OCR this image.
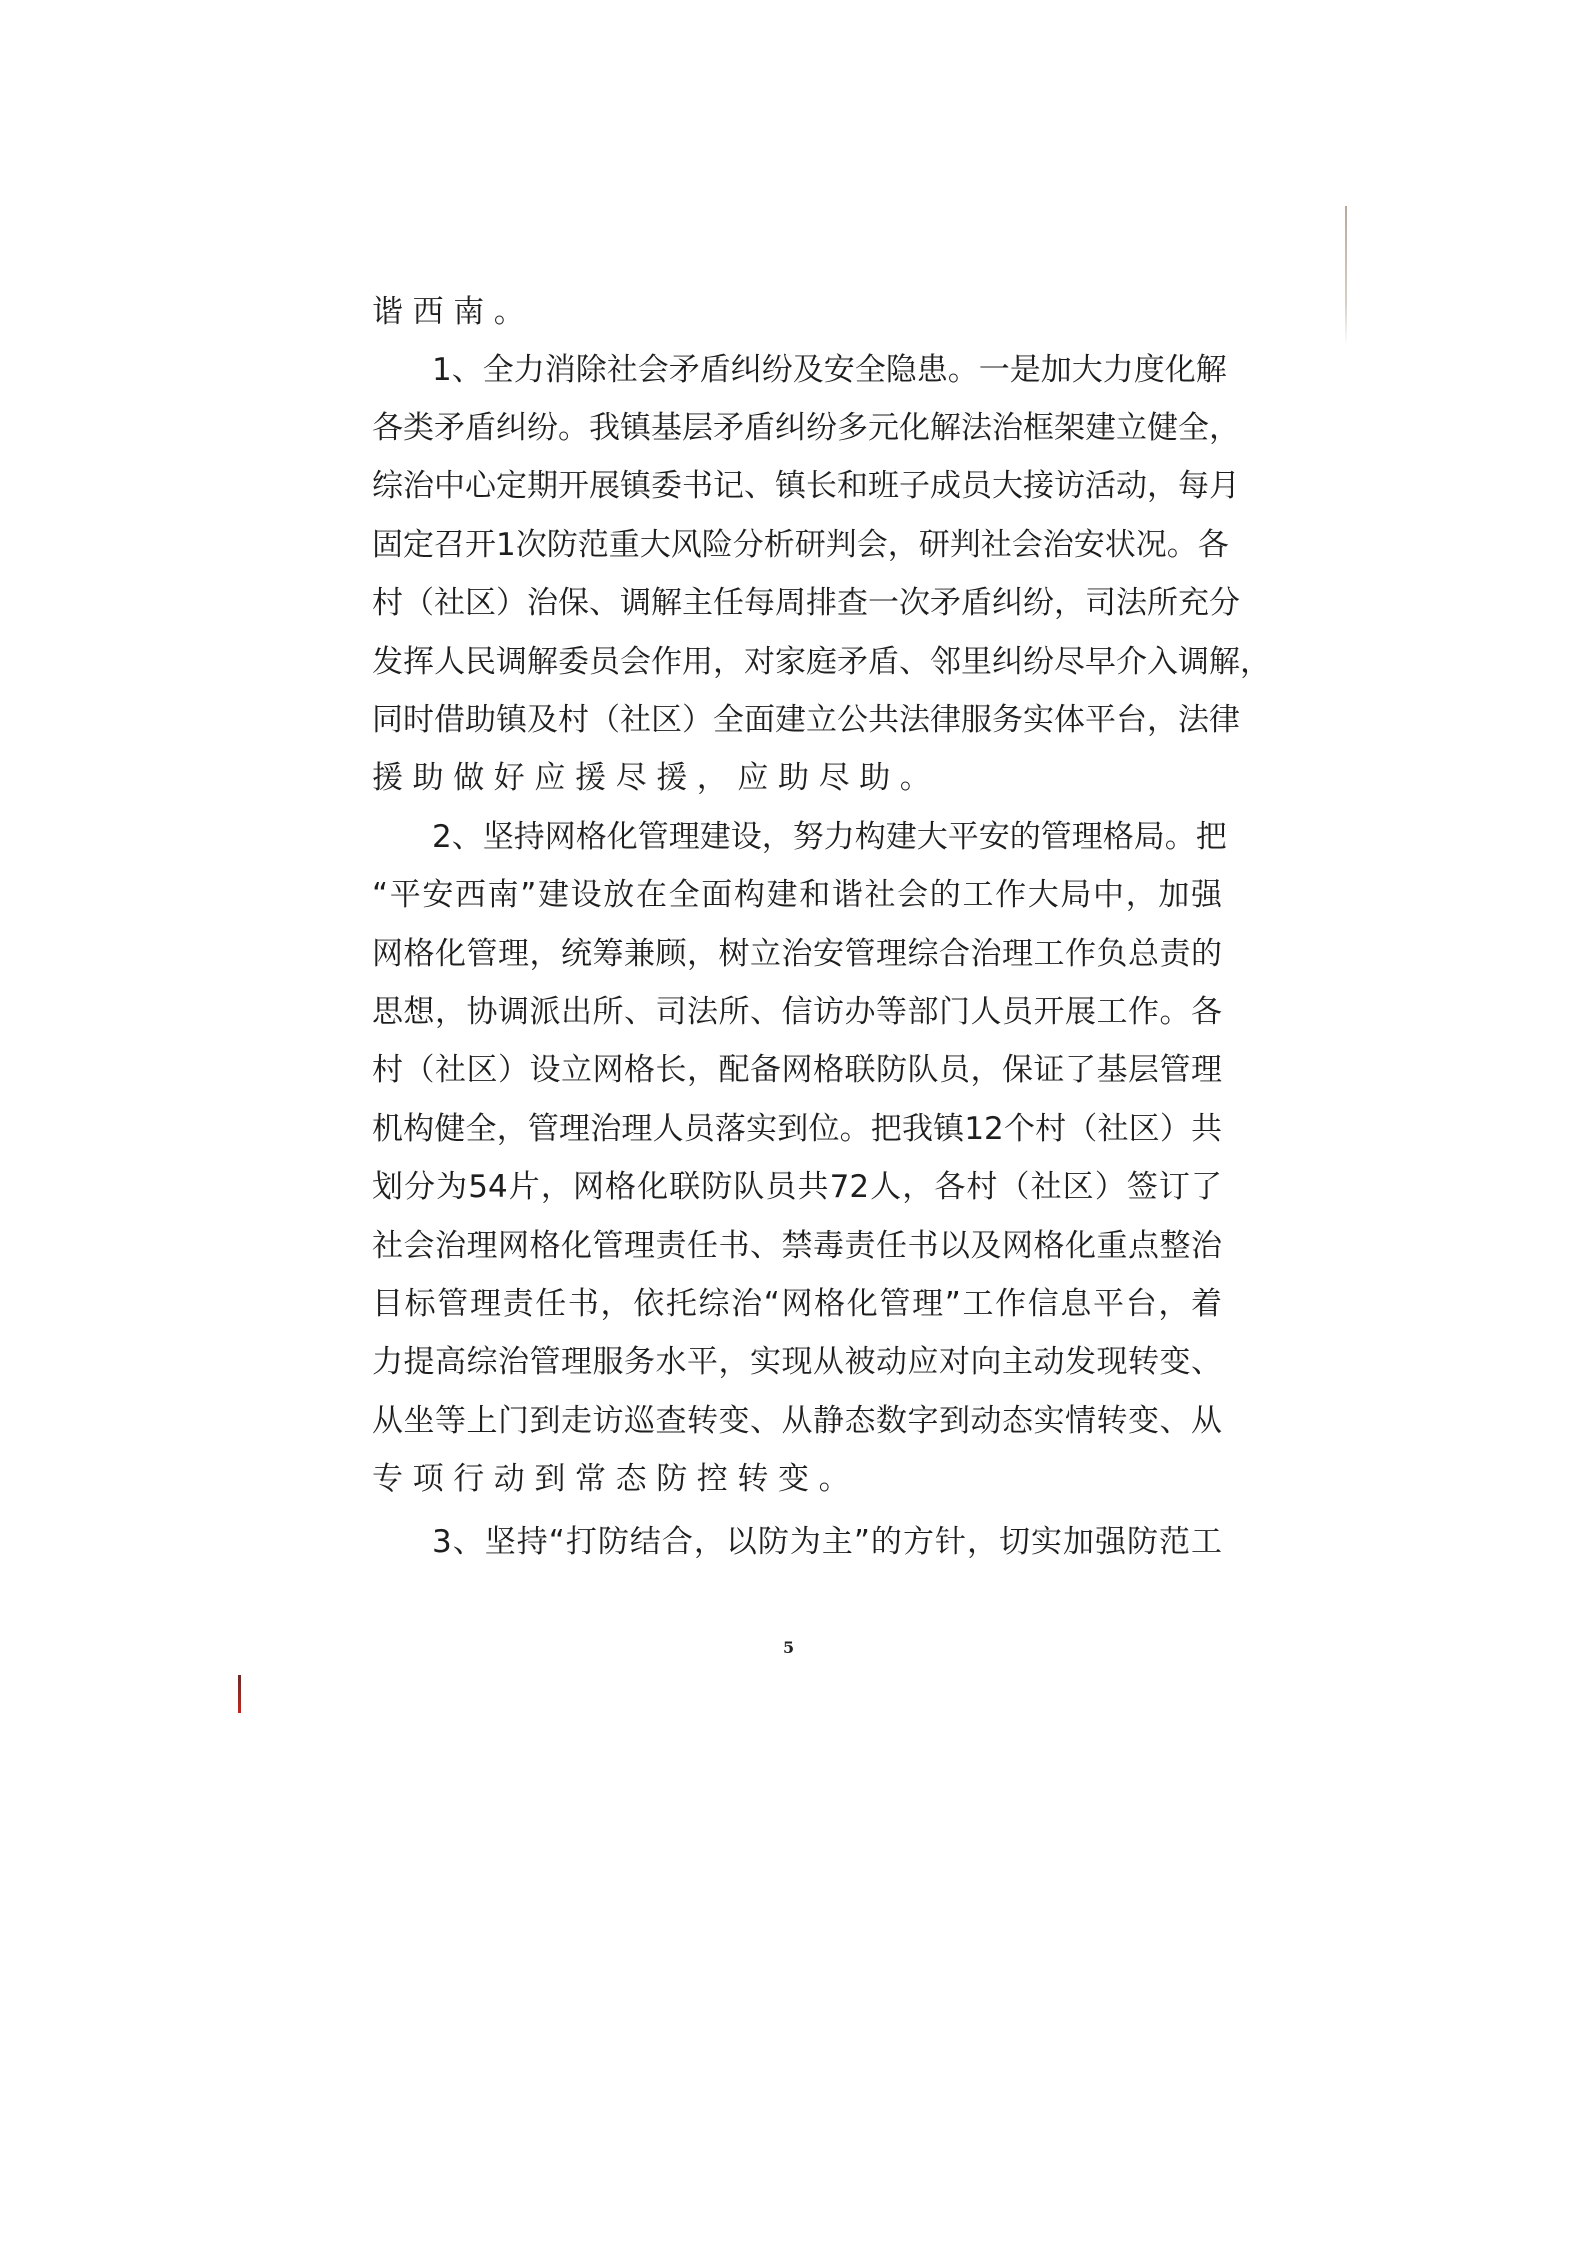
谐西南。
1、全力消除社会矛盾纠纷及安全隐患。一是加大力度化解
各类矛盾纠纷。我镇基层矛盾纠纷多元化解法治框架建立健全，
综治中心定期开展镇委书记、镇长和班子成员大接访活动，每月
固定召开1次防范重大风险分析研判会，研判社会治安状况。各
村（社区）治保、调解主任每周排查一次矛盾纠纷，司法所充分
发挥人民调解委员会作用，对家庭矛盾、邻里纠纷尽早介入调解，
同时借助镇及村（社区）全面建立公共法律服务实体平台，法律
援助做好应援尽援，应助尽助。
2、坚持网格化管理建设，努力构建大平安的管理格局。把
“平安西南”建设放在全面构建和谐社会的工作大局中，加强
网格化管理，统筹兼顾，树立治安管理综合治理工作负总责的
思想，协调派出所、司法所、信访办等部门人员开展工作。各
村（社区）设立网格长，配备网格联防队员，保证了基层管理
机构健全，管理治理人员落实到位。把我镇12个村（社区）共
划分为54片，网格化联防队员共72人，各村（社区）签订了
社会治理网格化管理责任书、禁毒责任书以及网格化重点整治
目标管理责任书，依托综治“网格化管理”工作信息平台，着
力提高综治管理服务水平，实现从被动应对向主动发现转变、
从坐等上门到走访巡查转变、从静态数字到动态实情转变、从
专项行动到常态防控转变。
3、坚持“打防结合，以防为主”的方针，切实加强防范工
5
